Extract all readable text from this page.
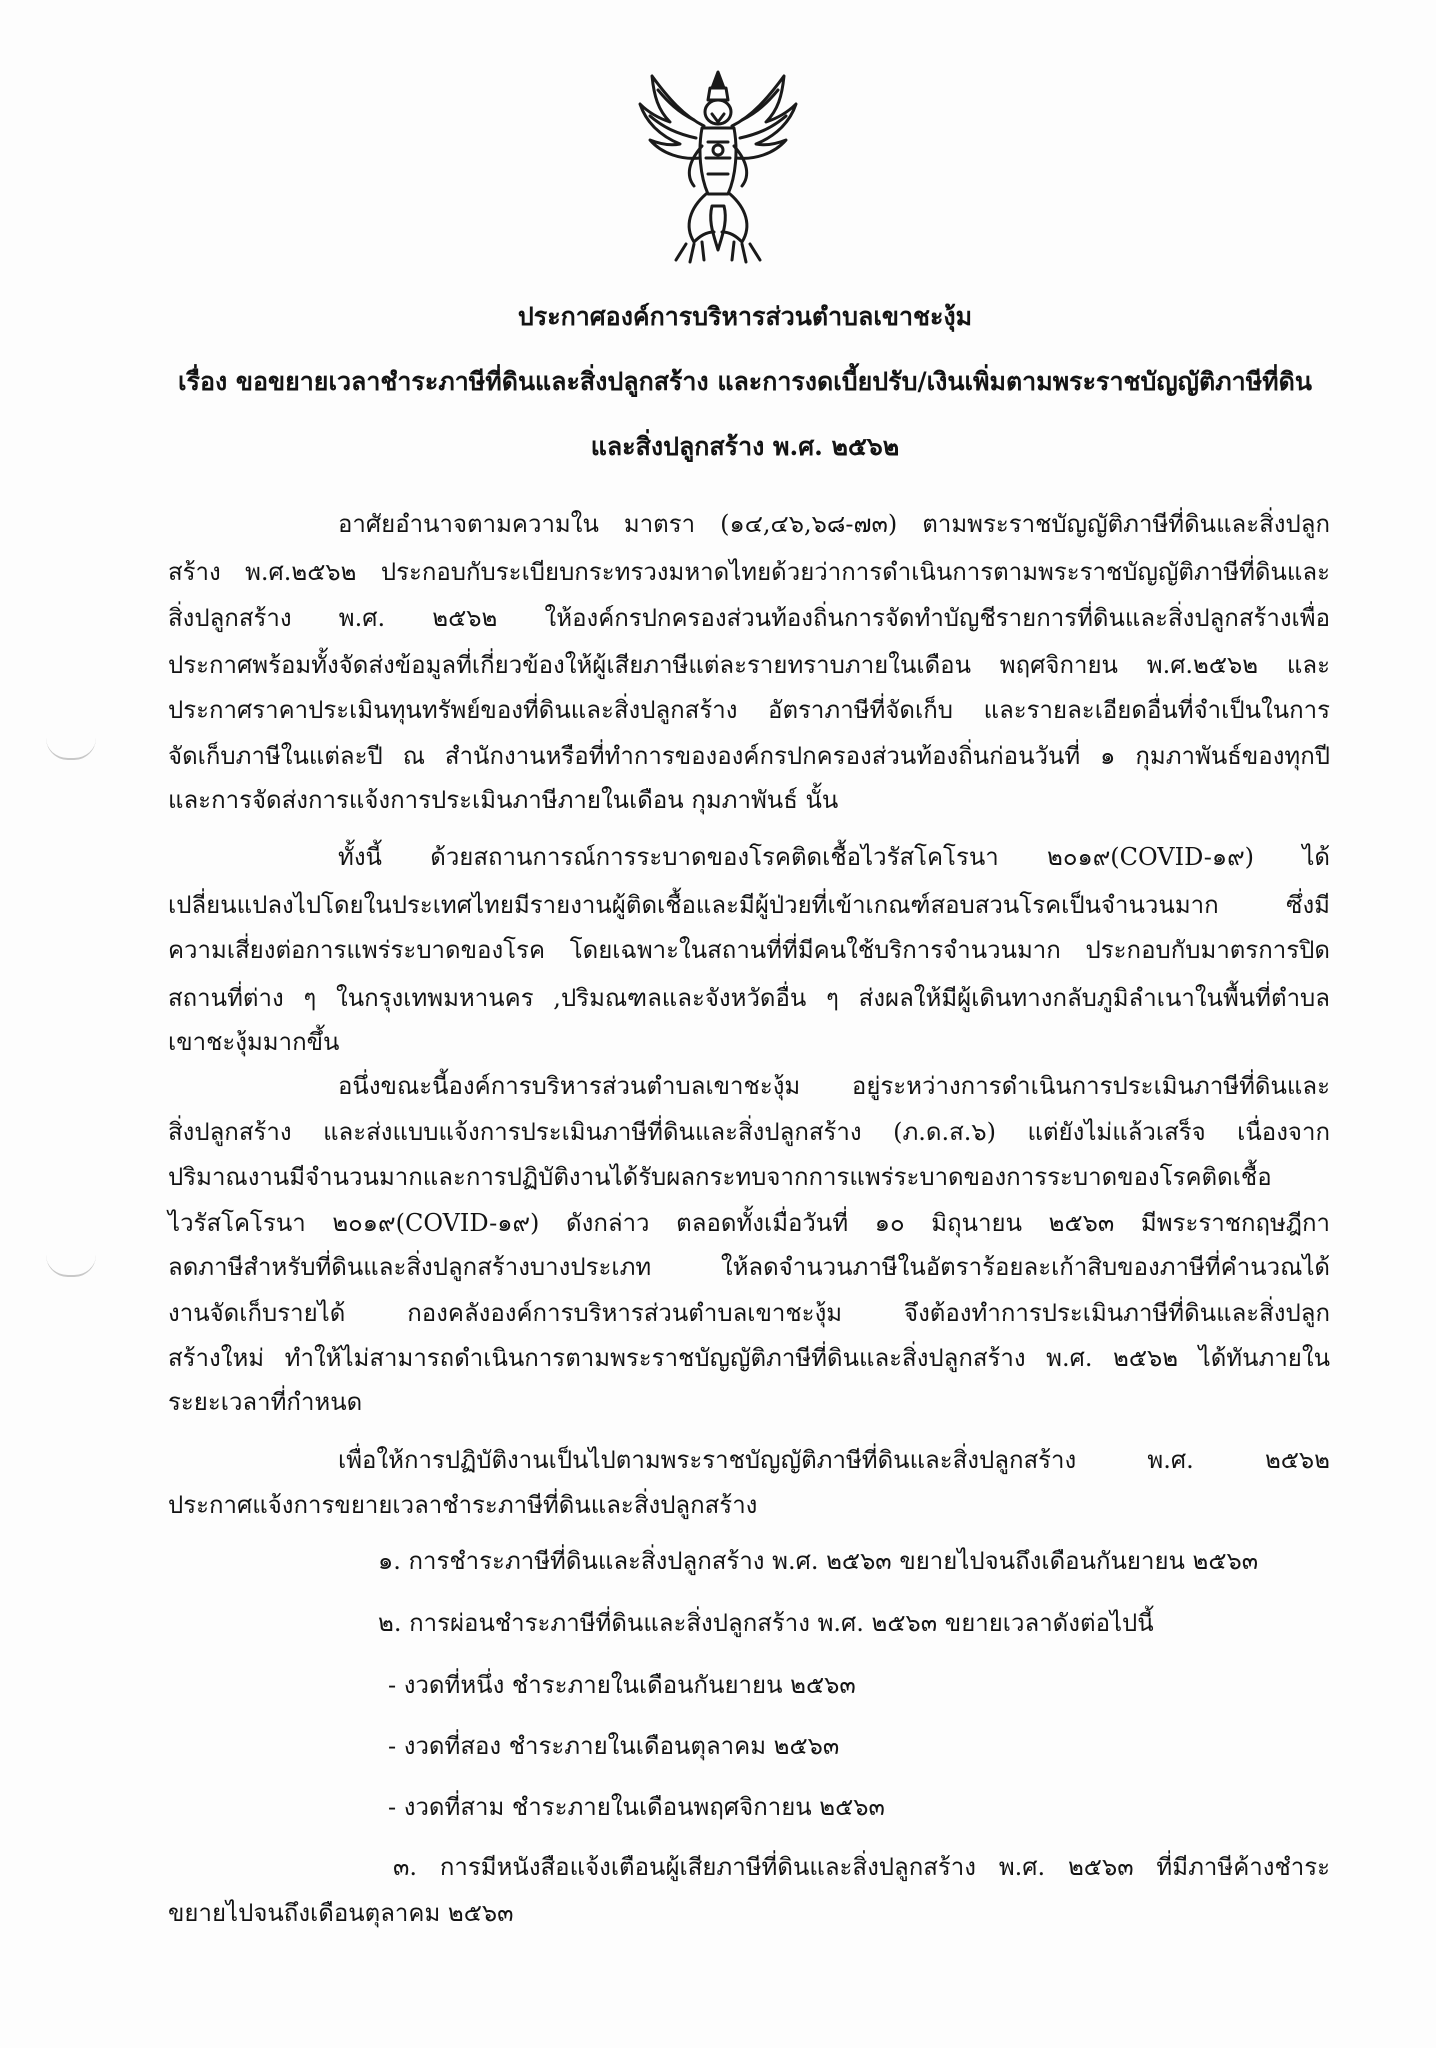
ประกาศองค์การบริหารส่วนตำบลเขาชะงุ้ม
เรื่อง ขอขยายเวลาชำระภาษีที่ดินและสิ่งปลูกสร้าง และการงดเบี้ยปรับ/เงินเพิ่มตามพระราชบัญญัติภาษีที่ดิน
และสิ่งปลูกสร้าง พ.ศ. ๒๕๖๒
อาศัยอำนาจตามความใน มาตรา (๑๔,๔๖,๖๘-๗๓) ตามพระราชบัญญัติภาษีที่ดินและสิ่งปลูก
สร้าง พ.ศ.๒๕๖๒ ประกอบกับระเบียบกระทรวงมหาดไทยด้วยว่าการดำเนินการตามพระราชบัญญัติภาษีที่ดินและ
สิ่งปลูกสร้าง พ.ศ. ๒๕๖๒ ให้องค์กรปกครองส่วนท้องถิ่นการจัดทำบัญชีรายการที่ดินและสิ่งปลูกสร้างเพื่อ
ประกาศพร้อมทั้งจัดส่งข้อมูลที่เกี่ยวข้องให้ผู้เสียภาษีแต่ละรายทราบภายในเดือน พฤศจิกายน พ.ศ.๒๕๖๒ และ
ประกาศราคาประเมินทุนทรัพย์ของที่ดินและสิ่งปลูกสร้าง อัตราภาษีที่จัดเก็บ และรายละเอียดอื่นที่จำเป็นในการ
จัดเก็บภาษีในแต่ละปี ณ สำนักงานหรือที่ทำการขององค์กรปกครองส่วนท้องถิ่นก่อนวันที่ ๑ กุมภาพันธ์ของทุกปี
และการจัดส่งการแจ้งการประเมินภาษีภายในเดือน กุมภาพันธ์ นั้น
ทั้งนี้ ด้วยสถานการณ์การระบาดของโรคติดเชื้อไวรัสโคโรนา ๒๐๑๙(COVID-๑๙) ได้
เปลี่ยนแปลงไปโดยในประเทศไทยมีรายงานผู้ติดเชื้อและมีผู้ป่วยที่เข้าเกณฑ์สอบสวนโรคเป็นจำนวนมาก ซึ่งมี
ความเสี่ยงต่อการแพร่ระบาดของโรค โดยเฉพาะในสถานที่ที่มีคนใช้บริการจำนวนมาก ประกอบกับมาตรการปิด
สถานที่ต่าง ๆ ในกรุงเทพมหานคร ,ปริมณฑลและจังหวัดอื่น ๆ ส่งผลให้มีผู้เดินทางกลับภูมิลำเนาในพื้นที่ตำบล
เขาชะงุ้มมากขึ้น
อนึ่งขณะนี้องค์การบริหารส่วนตำบลเขาชะงุ้ม อยู่ระหว่างการดำเนินการประเมินภาษีที่ดินและ
สิ่งปลูกสร้าง และส่งแบบแจ้งการประเมินภาษีที่ดินและสิ่งปลูกสร้าง (ภ.ด.ส.๖) แต่ยังไม่แล้วเสร็จ เนื่องจาก
ปริมาณงานมีจำนวนมากและการปฏิบัติงานได้รับผลกระทบจากการแพร่ระบาดของการระบาดของโรคติดเชื้อ
ไวรัสโคโรนา ๒๐๑๙(COVID-๑๙) ดังกล่าว ตลอดทั้งเมื่อวันที่ ๑๐ มิถุนายน ๒๕๖๓ มีพระราชกฤษฎีกา
ลดภาษีสำหรับที่ดินและสิ่งปลูกสร้างบางประเภท ให้ลดจำนวนภาษีในอัตราร้อยละเก้าสิบของภาษีที่คำนวณได้
งานจัดเก็บรายได้ กองคลังองค์การบริหารส่วนตำบลเขาชะงุ้ม จึงต้องทำการประเมินภาษีที่ดินและสิ่งปลูก
สร้างใหม่ ทำให้ไม่สามารถดำเนินการตามพระราชบัญญัติภาษีที่ดินและสิ่งปลูกสร้าง พ.ศ. ๒๕๖๒ ได้ทันภายใน
ระยะเวลาที่กำหนด
เพื่อให้การปฏิบัติงานเป็นไปตามพระราชบัญญัติภาษีที่ดินและสิ่งปลูกสร้าง พ.ศ. ๒๕๖๒
ประกาศแจ้งการขยายเวลาชำระภาษีที่ดินและสิ่งปลูกสร้าง
๑. การชำระภาษีที่ดินและสิ่งปลูกสร้าง พ.ศ. ๒๕๖๓ ขยายไปจนถึงเดือนกันยายน ๒๕๖๓
๒. การผ่อนชำระภาษีที่ดินและสิ่งปลูกสร้าง พ.ศ. ๒๕๖๓ ขยายเวลาดังต่อไปนี้
- งวดที่หนึ่ง ชำระภายในเดือนกันยายน ๒๕๖๓
- งวดที่สอง ชำระภายในเดือนตุลาคม ๒๕๖๓
- งวดที่สาม ชำระภายในเดือนพฤศจิกายน ๒๕๖๓
๓. การมีหนังสือแจ้งเตือนผู้เสียภาษีที่ดินและสิ่งปลูกสร้าง พ.ศ. ๒๕๖๓ ที่มีภาษีค้างชำระ
ขยายไปจนถึงเดือนตุลาคม ๒๕๖๓
